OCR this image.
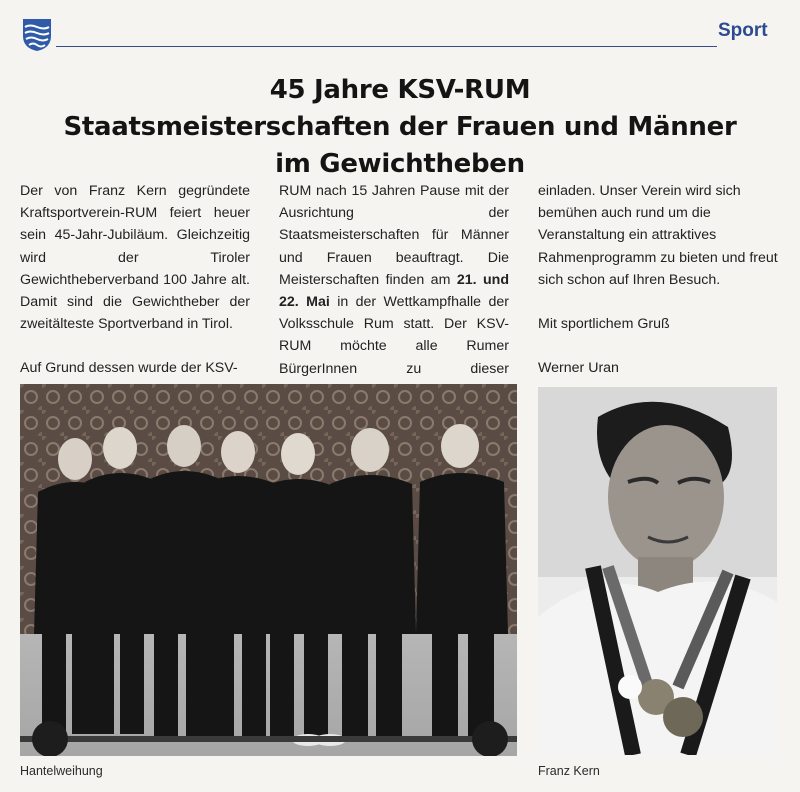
Sport
45 Jahre KSV-RUM
Staatsmeisterschaften der Frauen und Männer
im Gewichtheben

Der von Franz Kern gegründete Kraftsportverein-RUM feiert heuer sein 45-Jahr-Jubiläum. Gleichzeitig wird der Tiroler Gewichtheberverband 100 Jahre alt. Damit sind die Gewichtheber der zweitälteste Sportverband in Tirol.

Auf Grund dessen wurde der KSV-

RUM nach 15 Jahren Pause mit der Ausrichtung der Staatsmeisterschaften für Männer und Frauen beauftragt. Die Meisterschaften finden am 21. und 22. Mai in der Wettkampfhalle der Volksschule Rum statt. Der KSV-RUM möchte alle Rumer BürgerInnen zu dieser

einladen. Unser Verein wird sich bemühen auch rund um die Veranstaltung ein attraktives Rahmenprogramm zu bieten und freut sich schon auf Ihren Besuch.

Mit sportlichem Gruß

Werner Uran

Hantelweihung	Franz Kern
